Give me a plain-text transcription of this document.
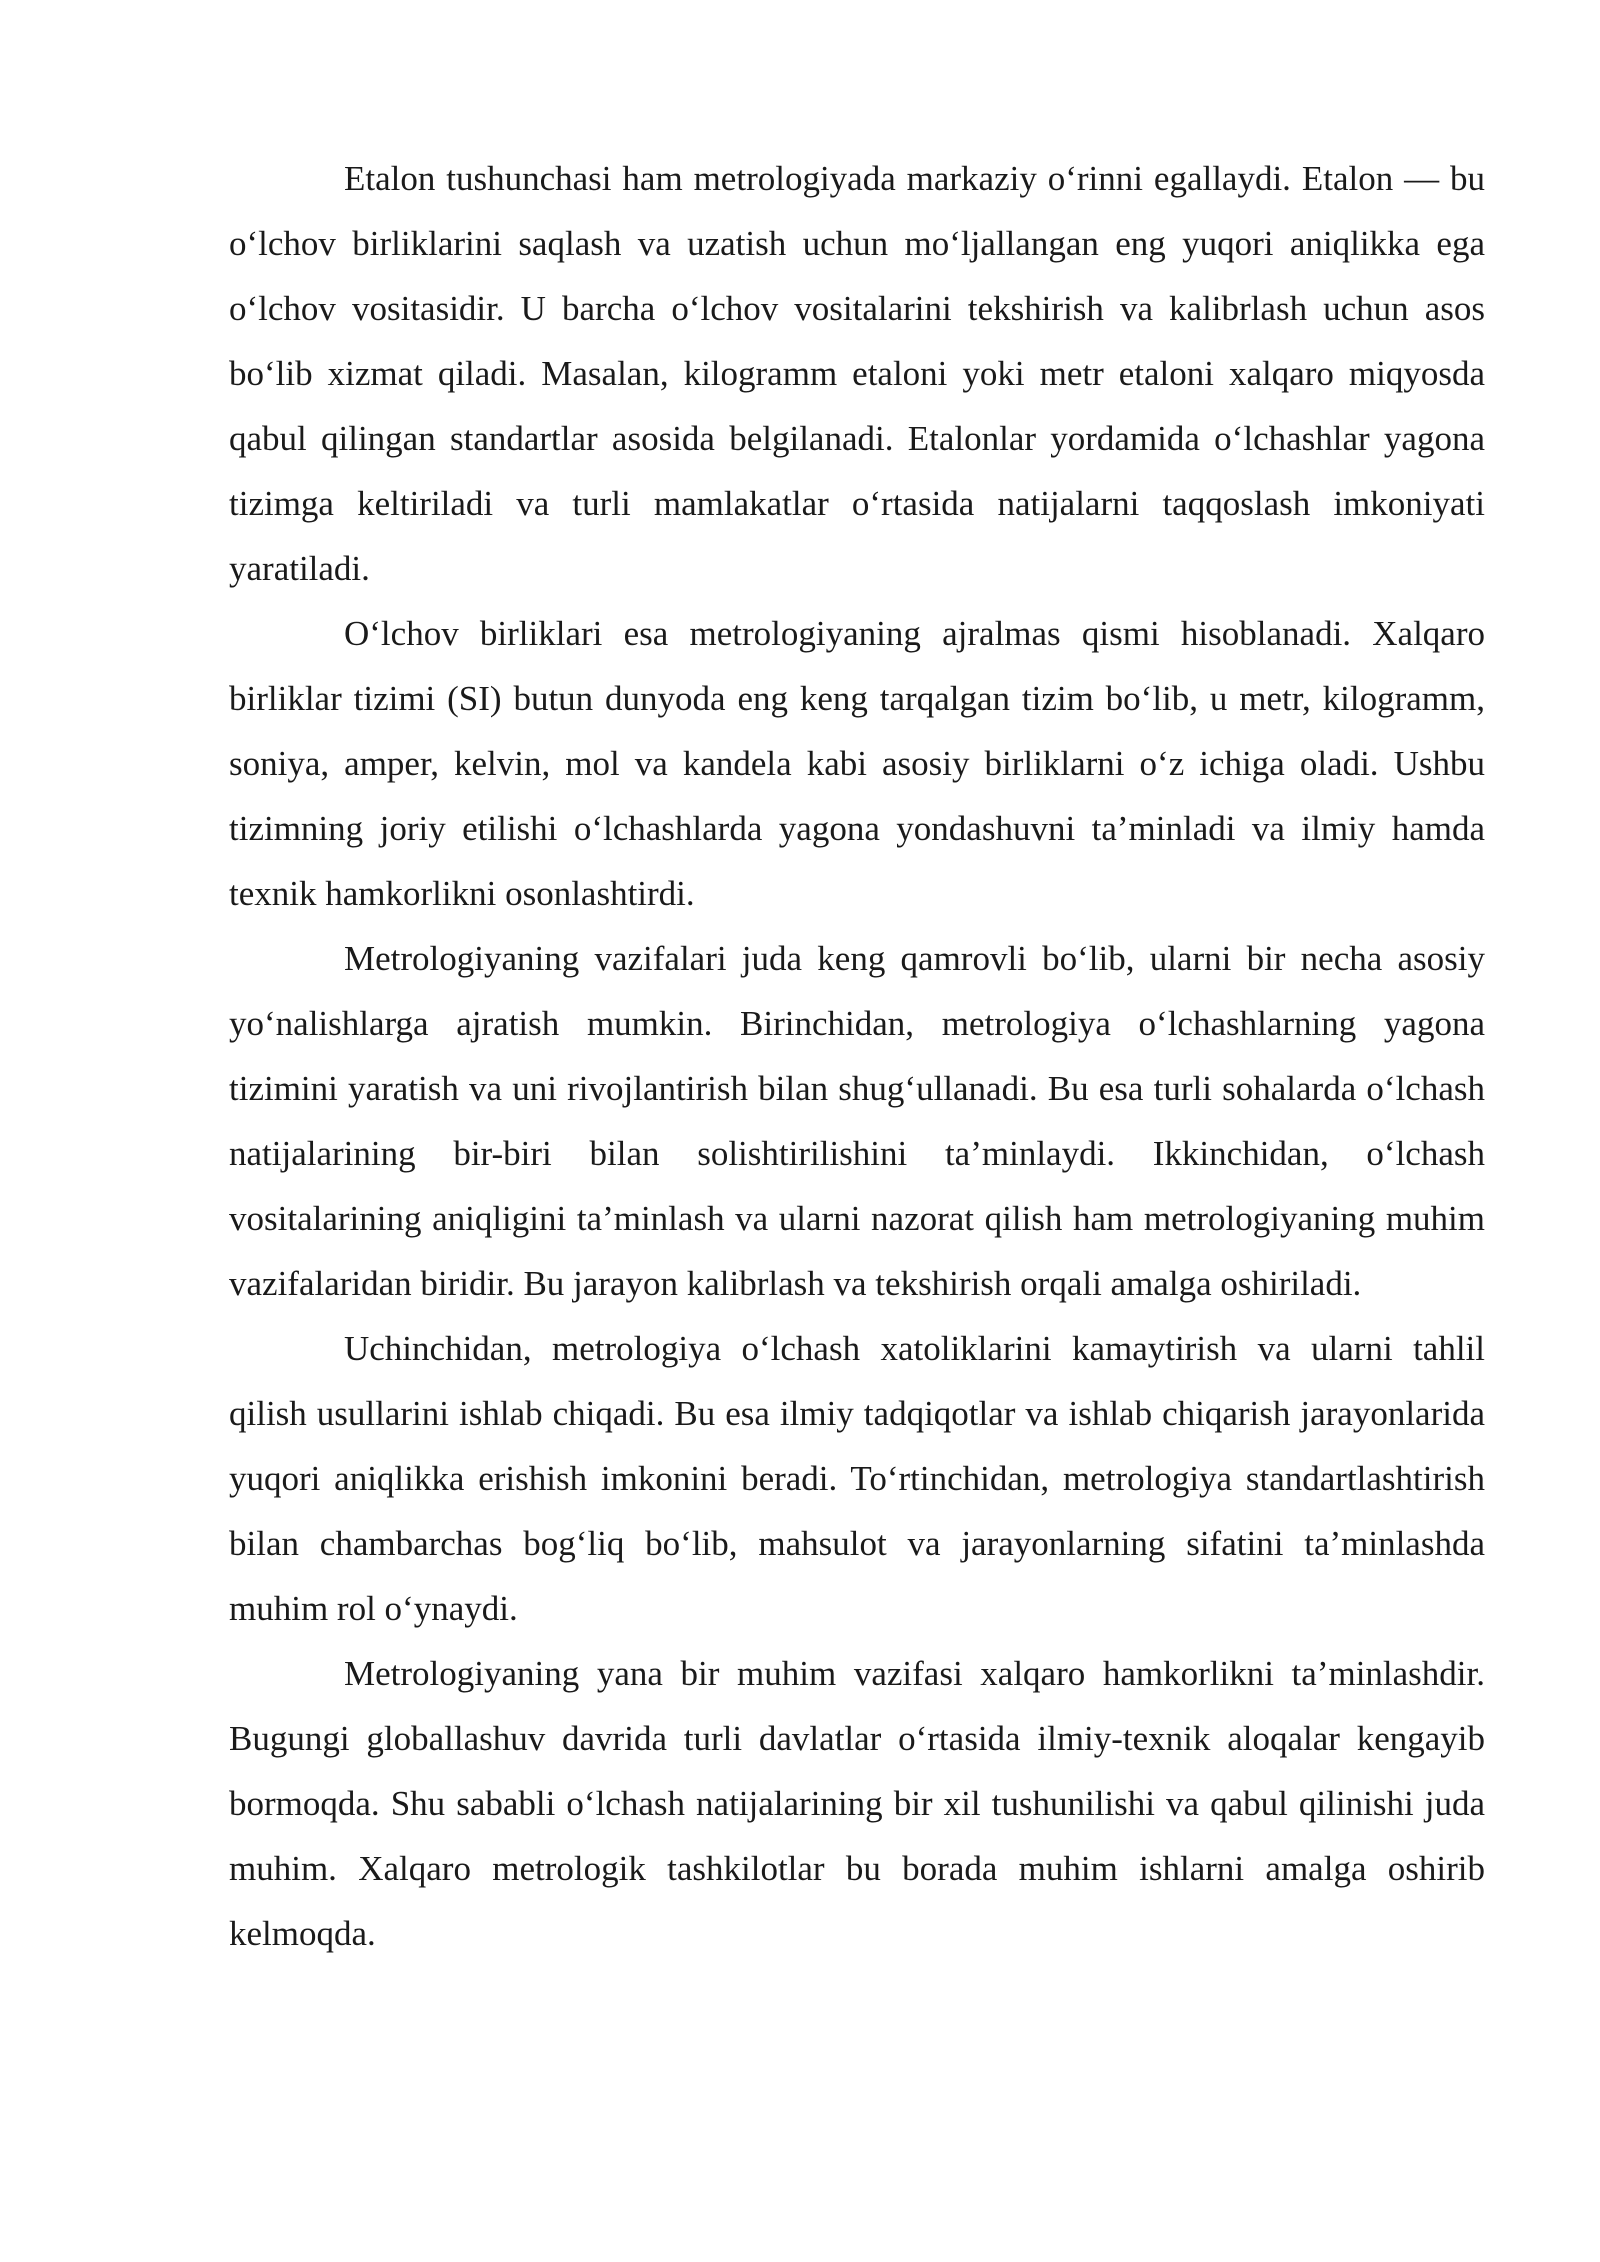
Etalon tushunchasi ham metrologiyada markaziy o‘rinni egallaydi. Etalon — bu o‘lchov birliklarini saqlash va uzatish uchun mo‘ljallangan eng yuqori aniqlikka ega o‘lchov vositasidir. U barcha o‘lchov vositalarini tekshirish va kalibrlash uchun asos bo‘lib xizmat qiladi. Masalan, kilogramm etaloni yoki metr etaloni xalqaro miqyosda qabul qilingan standartlar asosida belgilanadi. Etalonlar yordamida o‘lchashlar yagona tizimga keltiriladi va turli mamlakatlar o‘rtasida natijalarni taqqoslash imkoniyati yaratiladi.

O‘lchov birliklari esa metrologiyaning ajralmas qismi hisoblanadi. Xalqaro birliklar tizimi (SI) butun dunyoda eng keng tarqalgan tizim bo‘lib, u metr, kilogramm, soniya, amper, kelvin, mol va kandela kabi asosiy birliklarni o‘z ichiga oladi. Ushbu tizimning joriy etilishi o‘lchashlarda yagona yondashuvni ta’minladi va ilmiy hamda texnik hamkorlikni osonlashtirdi.

Metrologiyaning vazifalari juda keng qamrovli bo‘lib, ularni bir necha asosiy yo‘nalishlarga ajratish mumkin. Birinchidan, metrologiya o‘lchashlarning yagona tizimini yaratish va uni rivojlantirish bilan shug‘ullanadi. Bu esa turli sohalarda o‘lchash natijalarining bir-biri bilan solishtirilishini ta’minlaydi. Ikkinchidan, o‘lchash vositalarining aniqligini ta’minlash va ularni nazorat qilish ham metrologiyaning muhim vazifalaridan biridir. Bu jarayon kalibrlash va tekshirish orqali amalga oshiriladi.

Uchinchidan, metrologiya o‘lchash xatoliklarini kamaytirish va ularni tahlil qilish usullarini ishlab chiqadi. Bu esa ilmiy tadqiqotlar va ishlab chiqarish jarayonlarida yuqori aniqlikka erishish imkonini beradi. To‘rtinchidan, metrologiya standartlashtirish bilan chambarchas bog‘liq bo‘lib, mahsulot va jarayonlarning sifatini ta’minlashda muhim rol o‘ynaydi.

Metrologiyaning yana bir muhim vazifasi xalqaro hamkorlikni ta’minlashdir. Bugungi globallashuv davrida turli davlatlar o‘rtasida ilmiy-texnik aloqalar kengayib bormoqda. Shu sababli o‘lchash natijalarining bir xil tushunilishi va qabul qilinishi juda muhim. Xalqaro metrologik tashkilotlar bu borada muhim ishlarni amalga oshirib kelmoqda.
